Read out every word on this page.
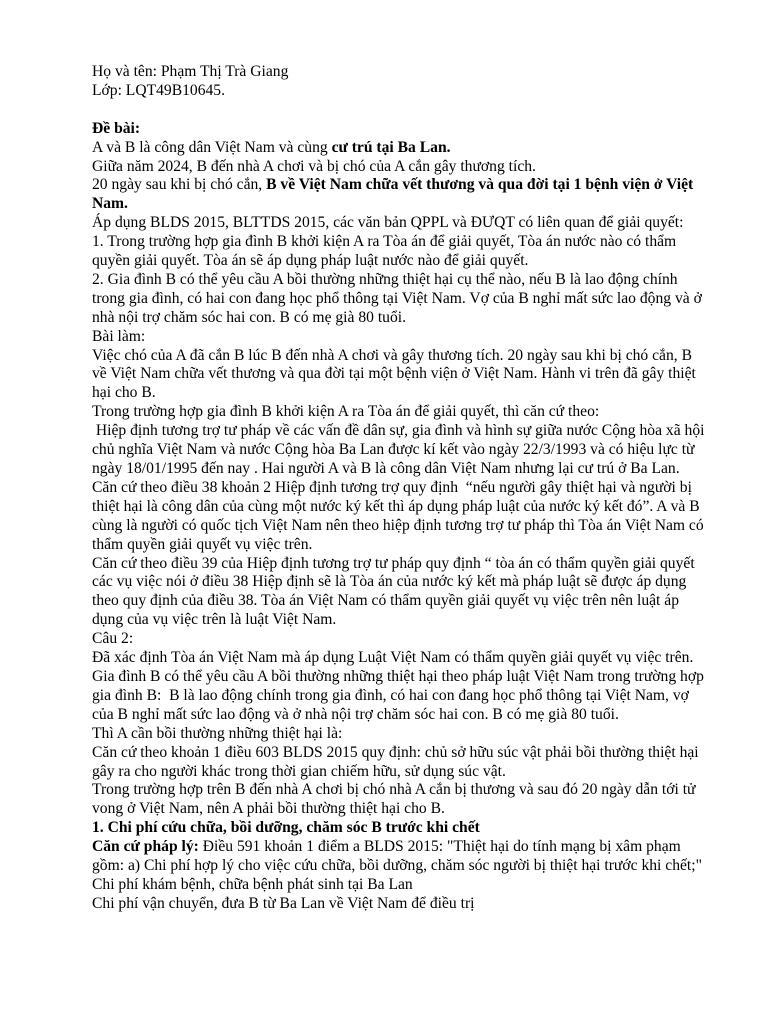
Họ và tên: Phạm Thị Trà Giang

Lớp: LQT49B10645.

Đề bài:

A và B là công dân Việt Nam và cùng cư trú tại Ba Lan.

Giữa năm 2024, B đến nhà A chơi và bị chó của A cắn gây thương tích.

20 ngày sau khi bị chó cắn, B về Việt Nam chữa vết thương và qua đời tại 1 bệnh viện ở Việt Nam.

Áp dụng BLDS 2015, BLTTDS 2015, các văn bản QPPL và ĐƯQT có liên quan để giải quyết:

1. Trong trường hợp gia đình B khởi kiện A ra Tòa án để giải quyết, Tòa án nước nào có thẩm quyền giải quyết. Tòa án sẽ áp dụng pháp luật nước nào để giải quyết.

2. Gia đình B có thể yêu cầu A bồi thường những thiệt hại cụ thể nào, nếu B là lao động chính trong gia đình, có hai con đang học phổ thông tại Việt Nam. Vợ của B nghỉ mất sức lao động và ở nhà nội trợ chăm sóc hai con. B có mẹ già 80 tuổi.

Bài làm:

Việc chó của A đã cắn B lúc B đến nhà A chơi và gây thương tích. 20 ngày sau khi bị chó cắn, B về Việt Nam chữa vết thương và qua đời tại một bệnh viện ở Việt Nam. Hành vi trên đã gây thiệt hại cho B.

Trong trường hợp gia đình B khởi kiện A ra Tòa án để giải quyết, thì căn cứ theo:

Hiệp định tương trợ tư pháp về các vấn đề dân sự, gia đình và hình sự giữa nước Cộng hòa xã hội chủ nghĩa Việt Nam và nước Cộng hòa Ba Lan được kí kết vào ngày 22/3/1993 và có hiệu lực từ ngày 18/01/1995 đến nay . Hai người A và B là công dân Việt Nam nhưng lại cư trú ở Ba Lan.

Căn cứ theo điều 38 khoản 2 Hiệp định tương trợ quy định  “nếu người gây thiệt hại và người bị thiệt hại là công dân của cùng một nước ký kết thì áp dụng pháp luật của nước ký kết đó”. A và B cùng là người có quốc tịch Việt Nam nên theo hiệp định tương trợ tư pháp thì Tòa án Việt Nam có thẩm quyền giải quyết vụ việc trên.

Căn cứ theo điều 39 của Hiệp định tương trợ tư pháp quy định “ tòa án có thẩm quyền giải quyết các vụ việc nói ở điều 38 Hiệp định sẽ là Tòa án của nước ký kết mà pháp luật sẽ được áp dụng theo quy định của điều 38. Tòa án Việt Nam có thẩm quyền giải quyết vụ việc trên nên luật áp dụng của vụ việc trên là luật Việt Nam.

Câu 2:

Đã xác định Tòa án Việt Nam mà áp dụng Luật Việt Nam có thẩm quyền giải quyết vụ việc trên. Gia đình B có thể yêu cầu A bồi thường những thiệt hại theo pháp luật Việt Nam trong trường hợp gia đình B:  B là lao động chính trong gia đình, có hai con đang học phổ thông tại Việt Nam, vợ của B nghỉ mất sức lao động và ở nhà nội trợ chăm sóc hai con. B có mẹ già 80 tuổi.

Thì A cần bồi thường những thiệt hại là:

Căn cứ theo khoản 1 điều 603 BLDS 2015 quy định: chủ sở hữu súc vật phải bồi thường thiệt hại  gây ra cho người khác trong thời gian chiếm hữu, sử dụng súc vật.

Trong trường hợp trên B đến nhà A chơi bị chó nhà A cắn bị thương và sau đó 20 ngày dẫn tới tử vong ở Việt Nam, nên A phải bồi thường thiệt hại cho B.

1. Chi phí cứu chữa, bồi dưỡng, chăm sóc B trước khi chết

Căn cứ pháp lý: Điều 591 khoản 1 điểm a BLDS 2015: "Thiệt hại do tính mạng bị xâm phạm gồm: a) Chi phí hợp lý cho việc cứu chữa, bồi dưỡng, chăm sóc người bị thiệt hại trước khi chết;"

Chi phí khám bệnh, chữa bệnh phát sinh tại Ba Lan

Chi phí vận chuyển, đưa B từ Ba Lan về Việt Nam để điều trị
